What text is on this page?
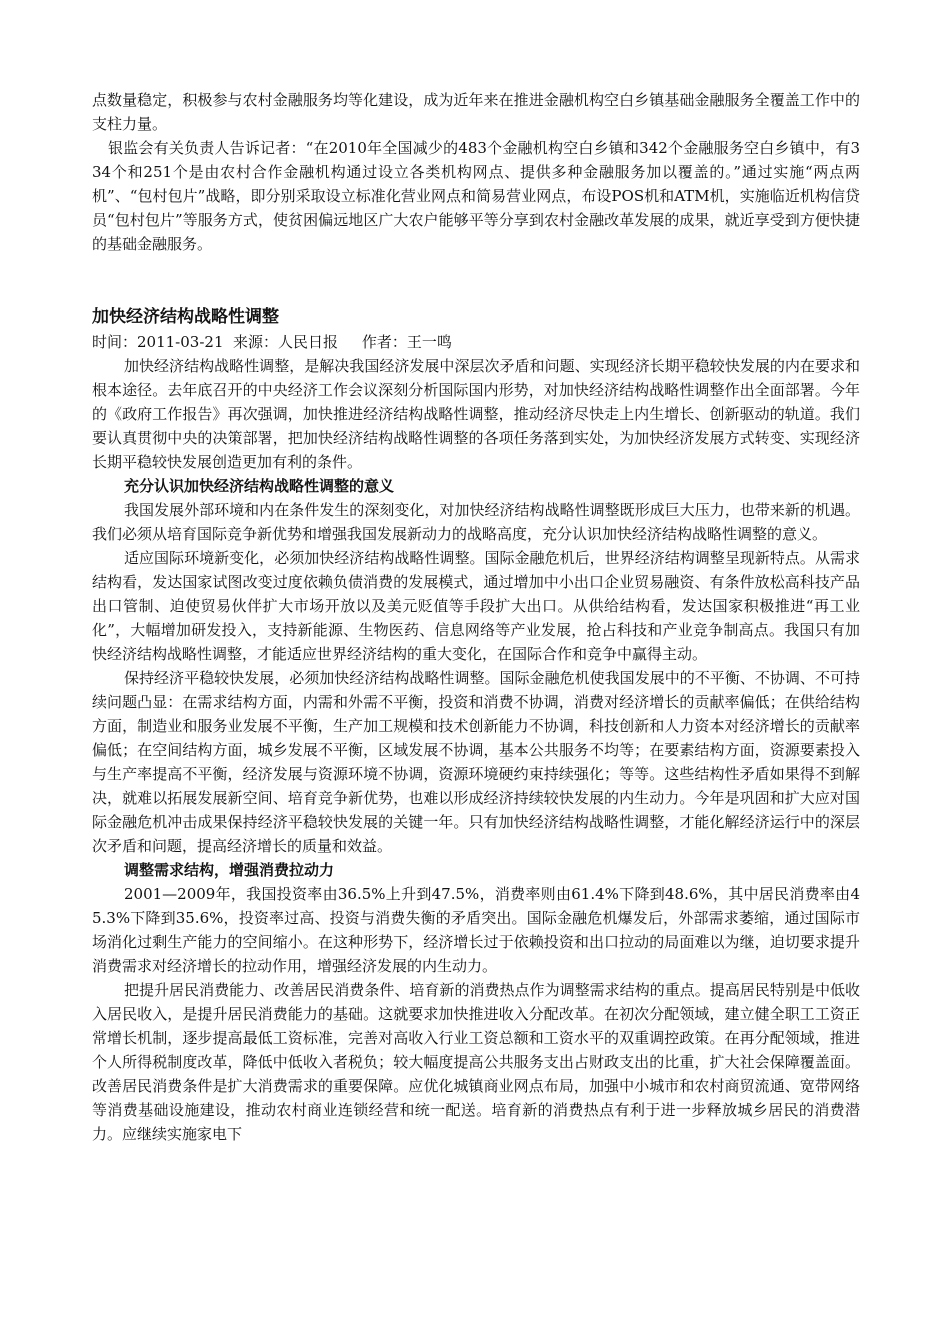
点数量稳定，积极参与农村金融服务均等化建设，成为近年来在推进金融机构空白乡镇基础金融服务全覆盖工作中的支柱力量。

银监会有关负责人告诉记者：“在2010年全国减少的483个金融机构空白乡镇和342个金融服务空白乡镇中，有334个和251个是由农村合作金融机构通过设立各类机构网点、提供多种金融服务加以覆盖的。”通过实施“两点两机”、“包村包片”战略，即分别采取设立标准化营业网点和简易营业网点，布设POS机和ATM机，实施临近机构信贷员“包村包片”等服务方式，使贫困偏远地区广大农户能够平等分享到农村金融改革发展的成果，就近享受到方便快捷的基础金融服务。

加快经济结构战略性调整
时间：2011-03-21  来源：人民日报     作者：王一鸣

加快经济结构战略性调整，是解决我国经济发展中深层次矛盾和问题、实现经济长期平稳较快发展的内在要求和根本途径。去年底召开的中央经济工作会议深刻分析国际国内形势，对加快经济结构战略性调整作出全面部署。今年的《政府工作报告》再次强调，加快推进经济结构战略性调整，推动经济尽快走上内生增长、创新驱动的轨道。我们要认真贯彻中央的决策部署，把加快经济结构战略性调整的各项任务落到实处，为加快经济发展方式转变、实现经济长期平稳较快发展创造更加有利的条件。

充分认识加快经济结构战略性调整的意义

我国发展外部环境和内在条件发生的深刻变化，对加快经济结构战略性调整既形成巨大压力，也带来新的机遇。我们必须从培育国际竞争新优势和增强我国发展新动力的战略高度，充分认识加快经济结构战略性调整的意义。

适应国际环境新变化，必须加快经济结构战略性调整。国际金融危机后，世界经济结构调整呈现新特点。从需求结构看，发达国家试图改变过度依赖负债消费的发展模式，通过增加中小出口企业贸易融资、有条件放松高科技产品出口管制、迫使贸易伙伴扩大市场开放以及美元贬值等手段扩大出口。从供给结构看，发达国家积极推进“再工业化”，大幅增加研发投入，支持新能源、生物医药、信息网络等产业发展，抢占科技和产业竞争制高点。我国只有加快经济结构战略性调整，才能适应世界经济结构的重大变化，在国际合作和竞争中赢得主动。

保持经济平稳较快发展，必须加快经济结构战略性调整。国际金融危机使我国发展中的不平衡、不协调、不可持续问题凸显：在需求结构方面，内需和外需不平衡，投资和消费不协调，消费对经济增长的贡献率偏低；在供给结构方面，制造业和服务业发展不平衡，生产加工规模和技术创新能力不协调，科技创新和人力资本对经济增长的贡献率偏低；在空间结构方面，城乡发展不平衡，区域发展不协调，基本公共服务不均等；在要素结构方面，资源要素投入与生产率提高不平衡，经济发展与资源环境不协调，资源环境硬约束持续强化；等等。这些结构性矛盾如果得不到解决，就难以拓展发展新空间、培育竞争新优势，也难以形成经济持续较快发展的内生动力。今年是巩固和扩大应对国际金融危机冲击成果保持经济平稳较快发展的关键一年。只有加快经济结构战略性调整，才能化解经济运行中的深层次矛盾和问题，提高经济增长的质量和效益。

调整需求结构，增强消费拉动力

2001—2009年，我国投资率由36.5%上升到47.5%，消费率则由61.4%下降到48.6%，其中居民消费率由45.3%下降到35.6%，投资率过高、投资与消费失衡的矛盾突出。国际金融危机爆发后，外部需求萎缩，通过国际市场消化过剩生产能力的空间缩小。在这种形势下，经济增长过于依赖投资和出口拉动的局面难以为继，迫切要求提升消费需求对经济增长的拉动作用，增强经济发展的内生动力。

把提升居民消费能力、改善居民消费条件、培育新的消费热点作为调整需求结构的重点。提高居民特别是中低收入居民收入，是提升居民消费能力的基础。这就要求加快推进收入分配改革。在初次分配领域，建立健全职工工资正常增长机制，逐步提高最低工资标准，完善对高收入行业工资总额和工资水平的双重调控政策。在再分配领域，推进个人所得税制度改革，降低中低收入者税负；较大幅度提高公共服务支出占财政支出的比重，扩大社会保障覆盖面。改善居民消费条件是扩大消费需求的重要保障。应优化城镇商业网点布局，加强中小城市和农村商贸流通、宽带网络等消费基础设施建设，推动农村商业连锁经营和统一配送。培育新的消费热点有利于进一步释放城乡居民的消费潜力。应继续实施家电下
